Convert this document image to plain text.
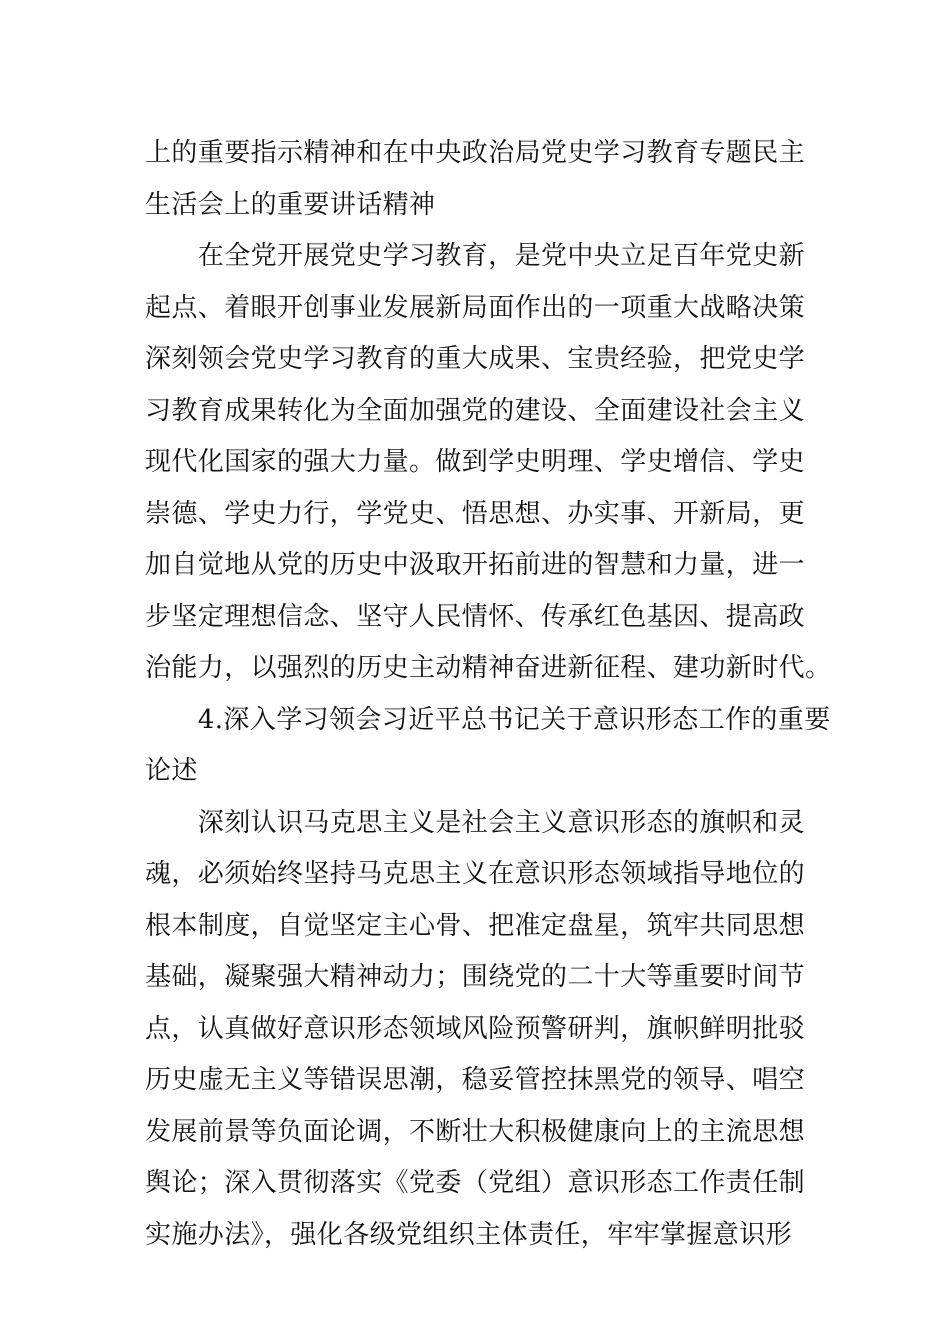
上的重要指示精神和在中央政治局党史学习教育专题民主
生活会上的重要讲话精神
　　在全党开展党史学习教育，是党中央立足百年党史新
起点、着眼开创事业发展新局面作出的一项重大战略决策
深刻领会党史学习教育的重大成果、宝贵经验，把党史学
习教育成果转化为全面加强党的建设、全面建设社会主义
现代化国家的强大力量。做到学史明理、学史增信、学史
崇德、学史力行，学党史、悟思想、办实事、开新局，更
加自觉地从党的历史中汲取开拓前进的智慧和力量，进一
步坚定理想信念、坚守人民情怀、传承红色基因、提高政
治能力，以强烈的历史主动精神奋进新征程、建功新时代。
　　4.深入学习领会习近平总书记关于意识形态工作的重要
论述
　　深刻认识马克思主义是社会主义意识形态的旗帜和灵
魂，必须始终坚持马克思主义在意识形态领域指导地位的
根本制度，自觉坚定主心骨、把准定盘星，筑牢共同思想
基础，凝聚强大精神动力；围绕党的二十大等重要时间节
点，认真做好意识形态领域风险预警研判，旗帜鲜明批驳
历史虚无主义等错误思潮，稳妥管控抹黑党的领导、唱空
发展前景等负面论调，不断壮大积极健康向上的主流思想
舆论；深入贯彻落实《党委（党组）意识形态工作责任制
实施办法》，强化各级党组织主体责任，牢牢掌握意识形
